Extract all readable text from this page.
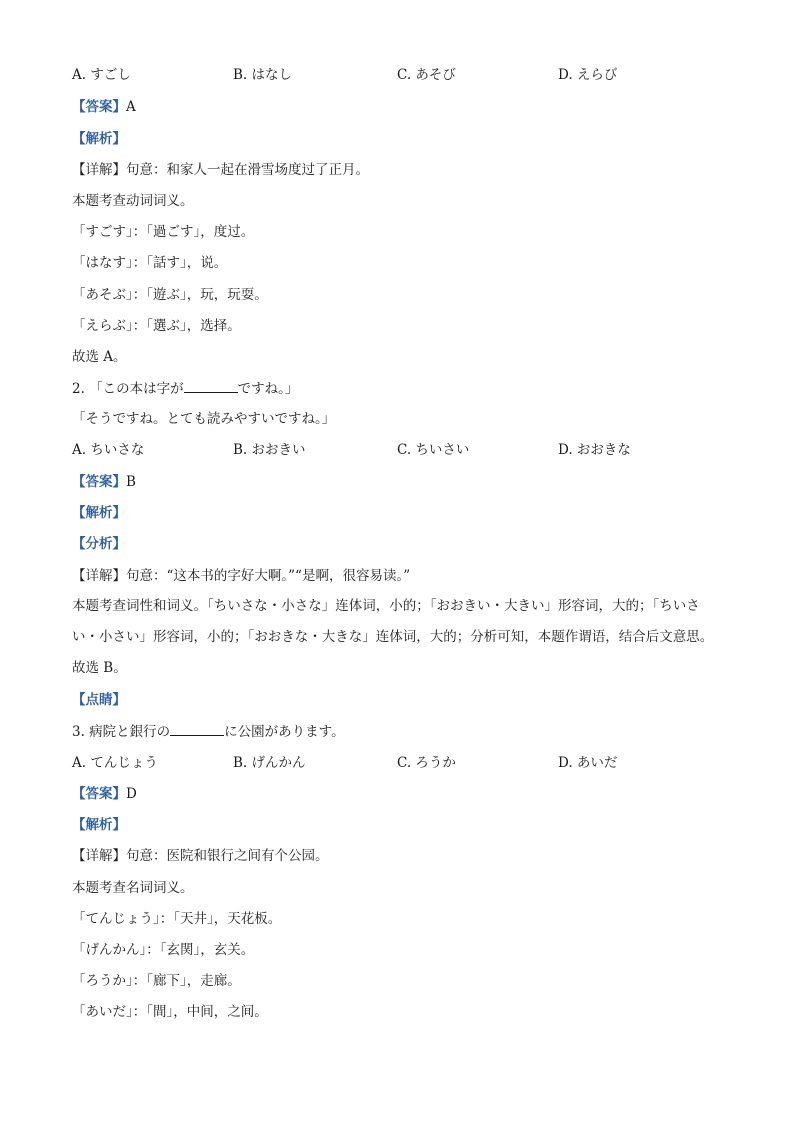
A. すごし	B. はなし	C. あそび	D. えらび
【答案】A
【解析】
【详解】句意：和家人一起在滑雪场度过了正月。
本题考查动词词义。
「すごす」：「過ごす」，度过。
「はなす」：「話す」，说。
「あそぶ」：「遊ぶ」，玩，玩耍。
「えらぶ」：「選ぶ」，选择。
故选 A。
2. 「この本は字が	ですね。」
「そうですね。とても読みやすいですね。」
A. ちいさな	B. おおきい	C. ちいさい	D. おおきな
【答案】B
【解析】
【分析】
【详解】句意：“这本书的字好大啊。”“是啊，很容易读。”
本题考查词性和词义。「ちいさな・小さな」连体词，小的；「おおきい・大きい」形容词，大的；「ちいさい・小さい」形容词，小的；「おおきな・大きな」连体词，大的；分析可知，本题作谓语，结合后文意思。故选 B。
【点睛】
3. 病院と銀行の	に公園があります。
A. てんじょう	B. げんかん	C. ろうか	D. あいだ
【答案】D
【解析】
【详解】句意：医院和银行之间有个公园。
本题考查名词词义。
「てんじょう」：「天井」，天花板。
「げんかん」：「玄関」，玄关。
「ろうか」：「廊下」，走廊。
「あいだ」：「間」，中间，之间。
